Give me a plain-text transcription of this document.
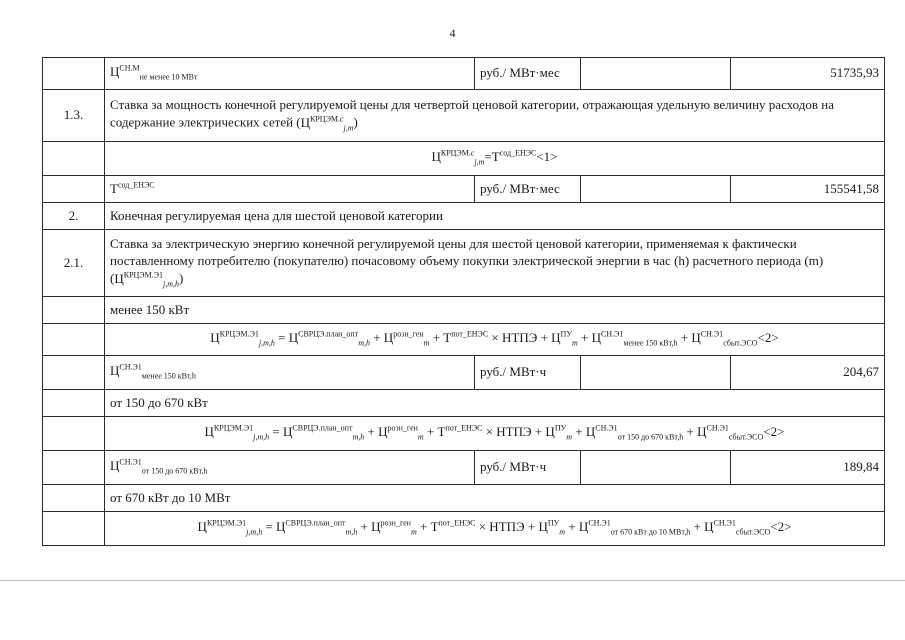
4
	$Ц^{СН.М}_{не менее 10 МВт}$	руб./ МВт·мес		51735,93
1.3.	Ставка за мощность конечной регулируемой цены для четвертой ценовой категории, отражающая удельную величину расходов на содержание электрических сетей $(Ц^{КРЦЭМ.c}_{j,m})$			
	$Ц^{КРЦЭМ.c}_{j,m}=Т^{сод\_ЕНЭС}<1>$			
	$Т^{сод\_ЕНЭС}$	руб./ МВт·мес		155541,58
2.	Конечная регулируемая цена для шестой ценовой категории			
2.1.	Ставка за электрическую энергию конечной регулируемой цены для шестой ценовой категории, применяемая к фактически поставленному потребителю (покупателю) почасовому объему покупки электрической энергии в час (h) расчетного периода (m) $(Ц^{КРЦЭМ.Э1}_{j,m,h})$			
	менее 150 кВт			
	$Ц^{КРЦЭМ.Э1}_{j,m,h} = Ц^{СВРЦЭ.план\_опт}_{m,h} + Ц^{розн\_ген}_m + Т^{пот\_ЕНЭС}$ × НТПЭ + $Ц^{ПУ}_m + Ц^{СН.Э1}_{менее 150 кВт,h} + Ц^{СН.Э1}_{сбыт.ЭСО}<2>$			
	$Ц^{СН.Э1}_{менее 150 кВт,h}$	руб./ МВт·ч		204,67
	от 150 до 670 кВт			
	$Ц^{КРЦЭМ.Э1}_{j,m,h} = Ц^{СВРЦЭ.план\_опт}_{m,h} + Ц^{розн\_ген}_m + Т^{пот\_ЕНЭС}$ × НТПЭ + $Ц^{ПУ}_m + Ц^{СН.Э1}_{от 150 до 670 кВт,h} + Ц^{СН.Э1}_{сбыт.ЭСО}<2>$			
	$Ц^{СН.Э1}_{от 150 до 670 кВт,h}$	руб./ МВт·ч		189,84
	от 670 кВт до 10 МВт			
	$Ц^{КРЦЭМ.Э1}_{j,m,h} = Ц^{СВРЦЭ.план\_опт}_{m,h} + Ц^{розн\_ген}_m + Т^{пот\_ЕНЭС}$ × НТПЭ + $Ц^{ПУ}_m + Ц^{СН.Э1}_{от 670 кВт до 10 МВт,h} + Ц^{СН.Э1}_{сбыт.ЭСО}<2>$			
